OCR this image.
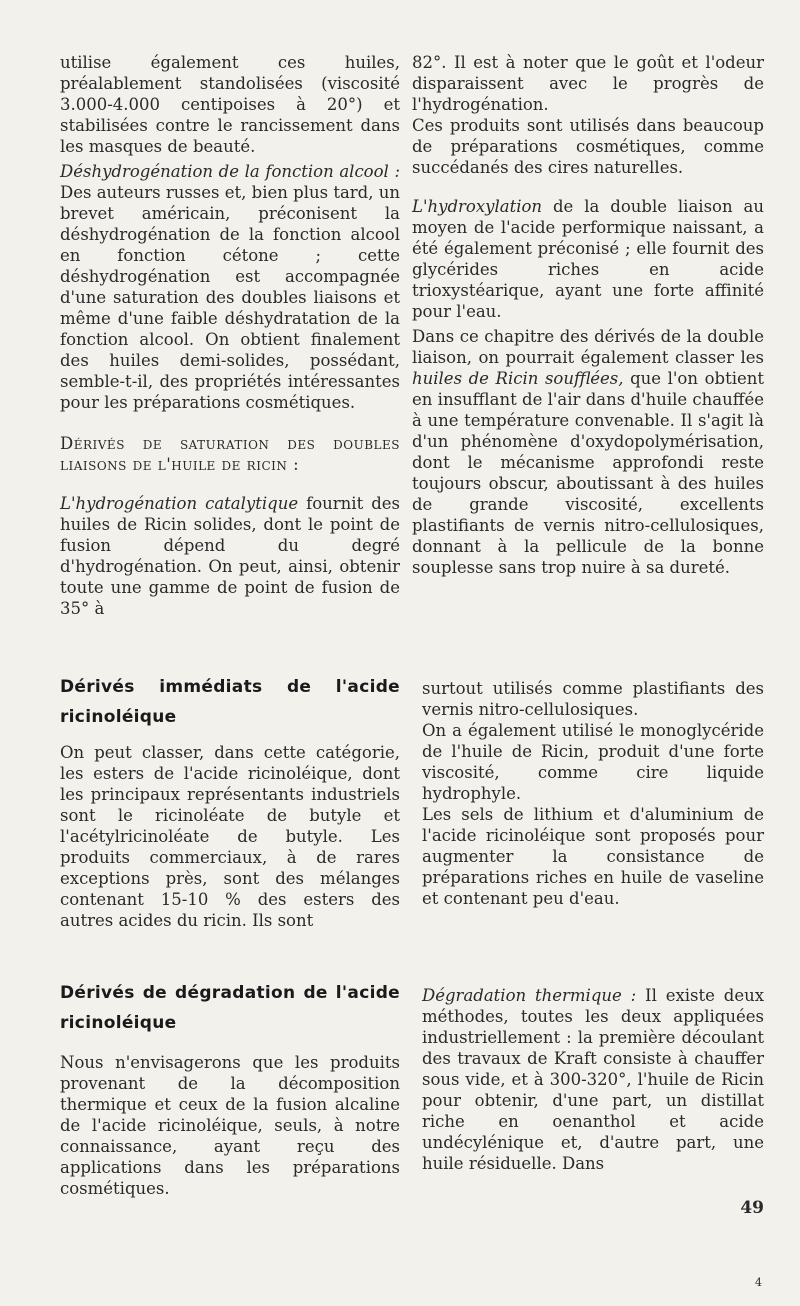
utilise également ces huiles, préalablement standolisées (viscosité 3.000-4.000 centipoises à 20°) et stabilisées contre le rancissement dans les masques de beauté.

Déshydrogénation de la fonction alcool : Des auteurs russes et, bien plus tard, un brevet américain, préconisent la déshydrogénation de la fonction alcool en fonction cétone ; cette déshydrogénation est accompagnée d'une saturation des doubles liaisons et même d'une faible déshydratation de la fonction alcool. On obtient finalement des huiles demi-solides, possédant, semble-t-il, des propriétés intéressantes pour les préparations cosmétiques.

Dérivés de saturation des doubles liaisons de l'huile de ricin :

L'hydrogénation catalytique fournit des huiles de Ricin solides, dont le point de fusion dépend du degré d'hydrogénation. On peut, ainsi, obtenir toute une gamme de point de fusion de 35° à

82°. Il est à noter que le goût et l'odeur disparaissent avec le progrès de l'hydrogénation.

Ces produits sont utilisés dans beaucoup de préparations cosmétiques, comme succédanés des cires naturelles.

L'hydroxylation de la double liaison au moyen de l'acide performique naissant, a été également préconisé ; elle fournit des glycérides riches en acide trioxystéarique, ayant une forte affinité pour l'eau.

Dans ce chapitre des dérivés de la double liaison, on pourrait également classer les huiles de Ricin soufflées, que l'on obtient en insufflant de l'air dans d'huile chauffée à une température convenable. Il s'agit là d'un phénomène d'oxydopolymérisation, dont le mécanisme approfondi reste toujours obscur, aboutissant à des huiles de grande viscosité, excellents plastifiants de vernis nitro-cellulosiques, donnant à la pellicule de la bonne souplesse sans trop nuire à sa dureté.

Dérivés immédiats de l'acide ricinoléique

On peut classer, dans cette catégorie, les esters de l'acide ricinoléique, dont les principaux représentants industriels sont le ricinoléate de butyle et l'acétylricinoléate de butyle. Les produits commerciaux, à de rares exceptions près, sont des mélanges contenant 15-10 % des esters des autres acides du ricin. Ils sont

surtout utilisés comme plastifiants des vernis nitro-cellulosiques.

On a également utilisé le monoglycéride de l'huile de Ricin, produit d'une forte viscosité, comme cire liquide hydrophyle.

Les sels de lithium et d'aluminium de l'acide ricinoléique sont proposés pour augmenter la consistance de préparations riches en huile de vaseline et contenant peu d'eau.

Dérivés de dégradation de l'acide ricinoléique

Nous n'envisagerons que les produits provenant de la décomposition thermique et ceux de la fusion alcaline de l'acide ricinoléique, seuls, à notre connaissance, ayant reçu des applications dans les préparations cosmétiques.

Dégradation thermique : Il existe deux méthodes, toutes les deux appliquées industriellement : la première découlant des travaux de Kraft consiste à chauffer sous vide, et à 300-320°, l'huile de Ricin pour obtenir, d'une part, un distillat riche en oenanthol et acide undécylénique et, d'autre part, une huile résiduelle. Dans

49
4
